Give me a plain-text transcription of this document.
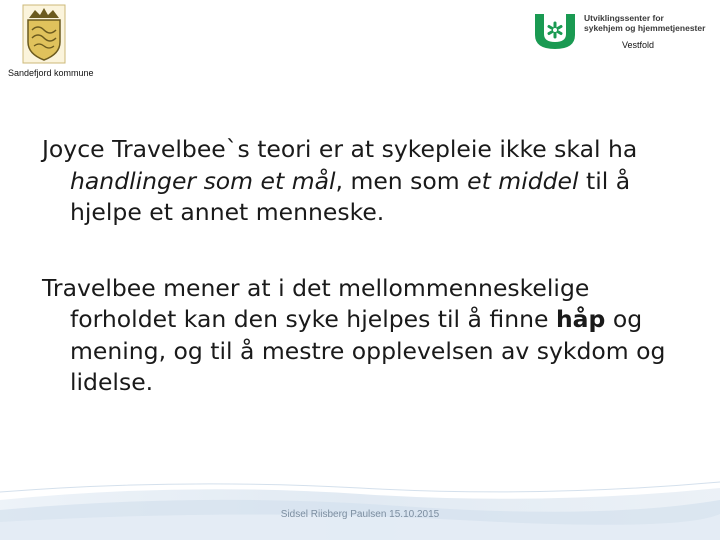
Sandefjord kommune
Utviklingssenter for
sykehjem og hjemmetjenester
Vestfold

Joyce Travelbee`s teori er at sykepleie ikke skal ha handlinger som et mål, men som et middel til å hjelpe et annet menneske.

Travelbee mener at i det mellommenneskelige forholdet kan den syke hjelpes til å finne håp og mening, og til å mestre opplevelsen av sykdom og lidelse.

Sidsel Riisberg Paulsen 15.10.2015
